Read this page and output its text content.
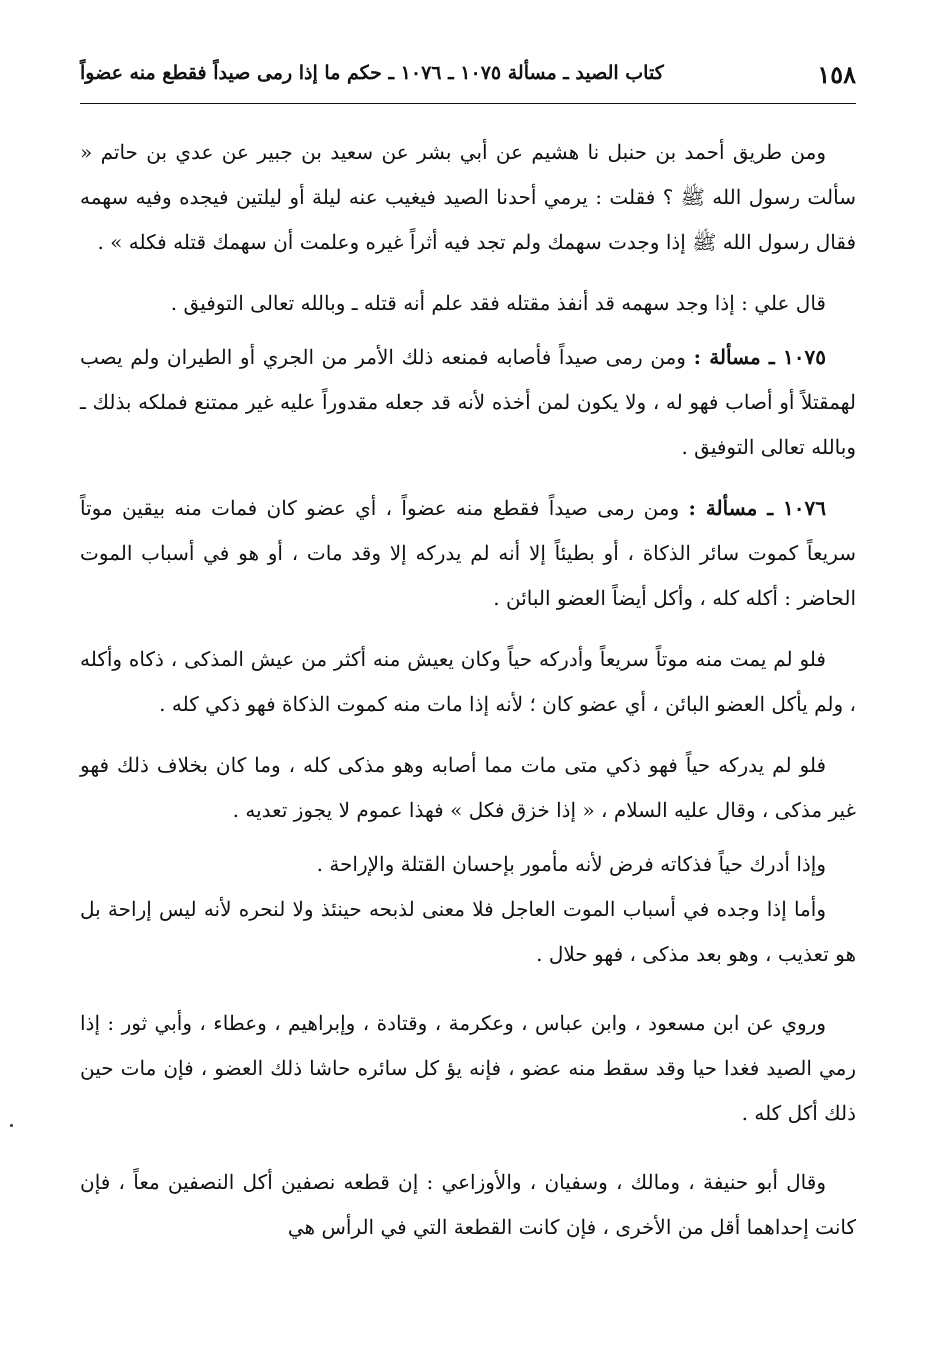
١٥٨
كتاب الصيد ـ مسألة ١٠٧٥ ـ ١٠٧٦ ـ حكم ما إذا رمى صيداً فقطع منه عضواً

ومن طريق أحمد بن حنبل نا هشيم عن أبي بشر عن سعيد بن جبير عن عدي بن حاتم « سألت رسول الله ﷺ ؟ فقلت : يرمي أحدنا الصيد فيغيب عنه ليلة أو ليلتين فيجده وفيه سهمه فقال رسول الله ﷺ إذا وجدت سهمك ولم تجد فيه أثراً غيره وعلمت أن سهمك قتله فكله » .

قال علي : إذا وجد سهمه قد أنفذ مقتله فقد علم أنه قتله ـ وبالله تعالى التوفيق .

١٠٧٥ ـ مسألة : ومن رمى صيداً فأصابه فمنعه ذلك الأمر من الجري أو الطيران ولم يصب لهمقتلاً أو أصاب فهو له ، ولا يكون لمن أخذه لأنه قد جعله مقدوراً عليه غير ممتنع فملكه بذلك ـ وبالله تعالى التوفيق .

١٠٧٦ ـ مسألة : ومن رمى صيداً فقطع منه عضواً ، أي عضو كان فمات منه بيقين موتاً سريعاً كموت سائر الذكاة ، أو بطيئاً إلا أنه لم يدركه إلا وقد مات ، أو هو في أسباب الموت الحاضر : أكله كله ، وأكل أيضاً العضو البائن .

فلو لم يمت منه موتاً سريعاً وأدركه حياً وكان يعيش منه أكثر من عيش المذكى ، ذكاه وأكله ، ولم يأكل العضو البائن ، أي عضو كان ؛ لأنه إذا مات منه كموت الذكاة فهو ذكي كله .

فلو لم يدركه حياً فهو ذكي متى مات مما أصابه وهو مذكى كله ، وما كان بخلاف ذلك فهو غير مذكى ، وقال عليه السلام ، « إذا خزق فكل » فهذا عموم لا يجوز تعديه .

وإذا أدرك حياً فذكاته فرض لأنه مأمور بإحسان القتلة والإراحة .

وأما إذا وجده في أسباب الموت العاجل فلا معنى لذبحه حينئذ ولا لنحره لأنه ليس إراحة بل هو تعذيب ، وهو بعد مذكى ، فهو حلال .

وروي عن ابن مسعود ، وابن عباس ، وعكرمة ، وقتادة ، وإبراهيم ، وعطاء ، وأبي ثور : إذا رمي الصيد فغدا حيا وقد سقط منه عضو ، فإنه يؤ كل سائره حاشا ذلك العضو ، فإن مات حين ذلك أكل كله .

وقال أبو حنيفة ، ومالك ، وسفيان ، والأوزاعي : إن قطعه نصفين أكل النصفين معاً ، فإن كانت إحداهما أقل من الأخرى ، فإن كانت القطعة التي في الرأس هي
